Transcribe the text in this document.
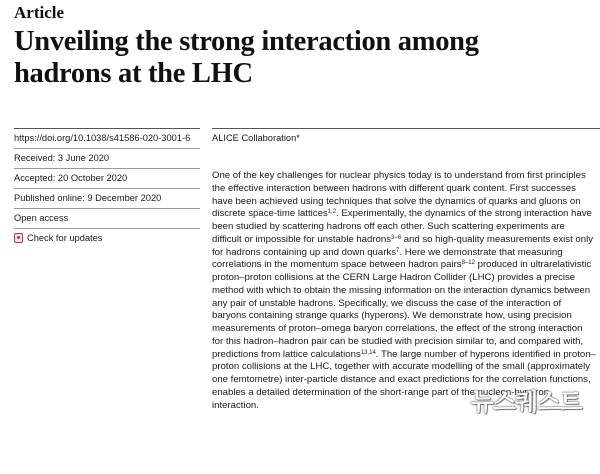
Article
Unveiling the strong interaction among
hadrons at the LHC
https://doi.org/10.1038/s41586-020-3001-6
Received: 3 June 2020
Accepted: 20 October 2020
Published online: 9 December 2020
Open access
Check for updates
ALICE Collaboration*

One of the key challenges for nuclear physics today is to understand from first principles the effective interaction between hadrons with different quark content. First successes have been achieved using techniques that solve the dynamics of quarks and gluons on discrete space-time lattices$^{1,2}$. Experimentally, the dynamics of the strong interaction have been studied by scattering hadrons off each other. Such scattering experiments are difficult or impossible for unstable hadrons$^{3-6}$ and so high-quality measurements exist only for hadrons containing up and down quarks$^7$. Here we demonstrate that measuring correlations in the momentum space between hadron pairs$^{8-12}$ produced in ultrarelativistic proton–proton collisions at the CERN Large Hadron Collider (LHC) provides a precise method with which to obtain the missing information on the interaction dynamics between any pair of unstable hadrons. Specifically, we discuss the case of the interaction of baryons containing strange quarks (hyperons). We demonstrate how, using precision measurements of proton–omega baryon correlations, the effect of the strong interaction for this hadron–hadron pair can be studied with precision similar to, and compared with, predictions from lattice calculations$^{13,14}$. The large number of hyperons identified in proton–proton collisions at the LHC, together with accurate modelling of the small (approximately one femtometre) inter-particle distance and exact predictions for the correlation functions, enables a detailed determination of the short-range part of the nucleon-hyperon interaction.	뉴스퀘스트
